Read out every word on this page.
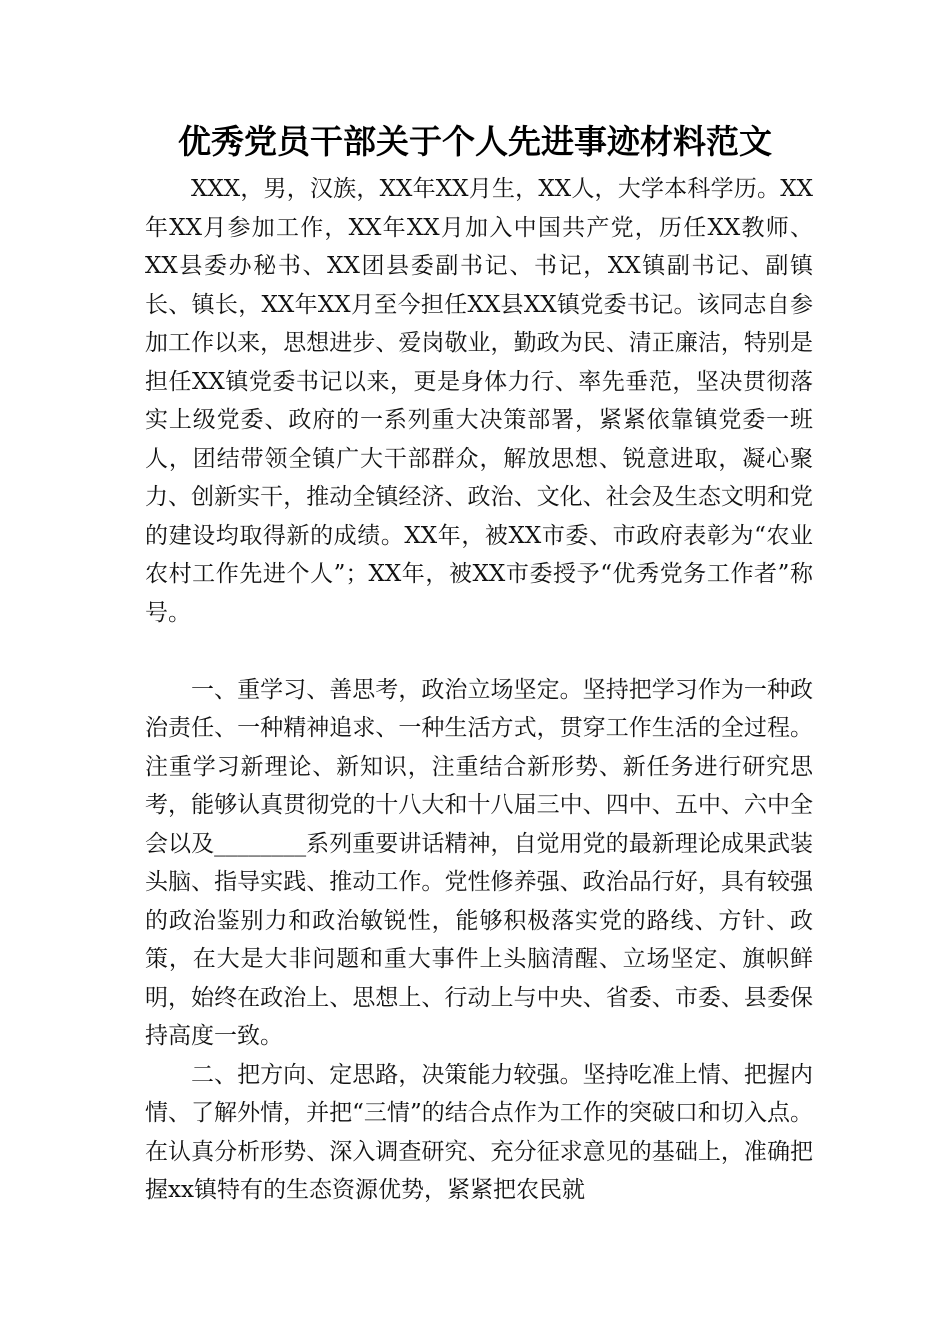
优秀党员干部关于个人先进事迹材料范文

XXX，男，汉族，XX年XX月生，XX人，大学本科学历。XX年XX月参加工作，XX年XX月加入中国共产党，历任XX教师、XX县委办秘书、XX团县委副书记、书记，XX镇副书记、副镇长、镇长，XX年XX月至今担任XX县XX镇党委书记。该同志自参加工作以来，思想进步、爱岗敬业，勤政为民、清正廉洁，特别是担任XX镇党委书记以来，更是身体力行、率先垂范，坚决贯彻落实上级党委、政府的一系列重大决策部署，紧紧依靠镇党委一班人，团结带领全镇广大干部群众，解放思想、锐意进取，凝心聚力、创新实干，推动全镇经济、政治、文化、社会及生态文明和党的建设均取得新的成绩。XX年，被XX市委、市政府表彰为“农业农村工作先进个人”；XX年，被XX市委授予“优秀党务工作者”称号。

一、重学习、善思考，政治立场坚定。坚持把学习作为一种政治责任、一种精神追求、一种生活方式，贯穿工作生活的全过程。注重学习新理论、新知识，注重结合新形势、新任务进行研究思考，能够认真贯彻党的十八大和十八届三中、四中、五中、六中全会以及________系列重要讲话精神，自觉用党的最新理论成果武装头脑、指导实践、推动工作。党性修养强、政治品行好，具有较强的政治鉴别力和政治敏锐性，能够积极落实党的路线、方针、政策，在大是大非问题和重大事件上头脑清醒、立场坚定、旗帜鲜明，始终在政治上、思想上、行动上与中央、省委、市委、县委保持高度一致。

二、把方向、定思路，决策能力较强。坚持吃准上情、把握内情、了解外情，并把“三情”的结合点作为工作的突破口和切入点。在认真分析形势、深入调查研究、充分征求意见的基础上，准确把握xx镇特有的生态资源优势，紧紧把农民就
